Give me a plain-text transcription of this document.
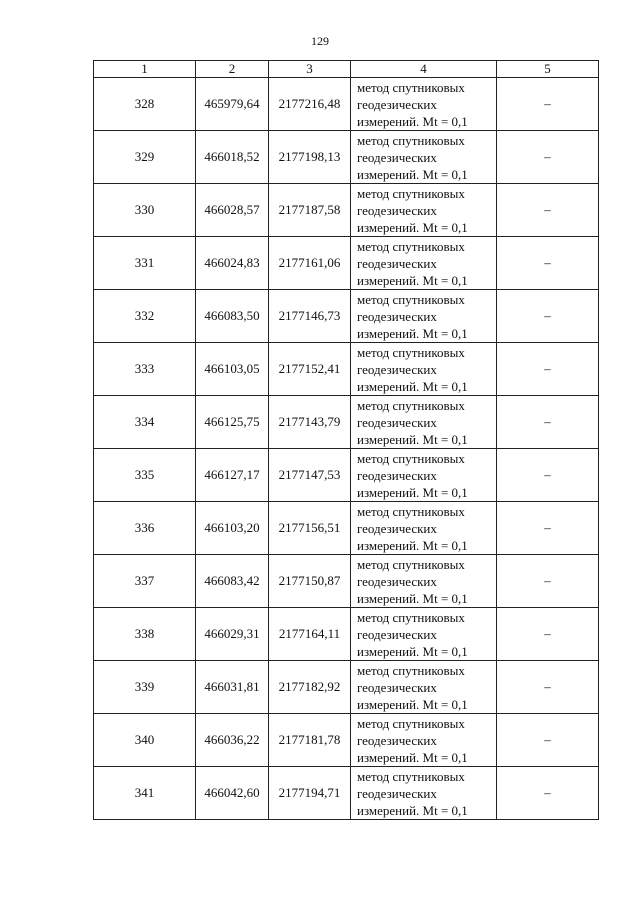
129
1	2	3	4	5
328	465979,64	2177216,48	метод спутниковых
геодезических
измерений. Mt = 0,1	–
329	466018,52	2177198,13	метод спутниковых
геодезических
измерений. Mt = 0,1	–
330	466028,57	2177187,58	метод спутниковых
геодезических
измерений. Mt = 0,1	–
331	466024,83	2177161,06	метод спутниковых
геодезических
измерений. Mt = 0,1	–
332	466083,50	2177146,73	метод спутниковых
геодезических
измерений. Mt = 0,1	–
333	466103,05	2177152,41	метод спутниковых
геодезических
измерений. Mt = 0,1	–
334	466125,75	2177143,79	метод спутниковых
геодезических
измерений. Mt = 0,1	–
335	466127,17	2177147,53	метод спутниковых
геодезических
измерений. Mt = 0,1	–
336	466103,20	2177156,51	метод спутниковых
геодезических
измерений. Mt = 0,1	–
337	466083,42	2177150,87	метод спутниковых
геодезических
измерений. Mt = 0,1	–
338	466029,31	2177164,11	метод спутниковых
геодезических
измерений. Mt = 0,1	–
339	466031,81	2177182,92	метод спутниковых
геодезических
измерений. Mt = 0,1	–
340	466036,22	2177181,78	метод спутниковых
геодезических
измерений. Mt = 0,1	–
341	466042,60	2177194,71	метод спутниковых
геодезических
измерений. Mt = 0,1	–
